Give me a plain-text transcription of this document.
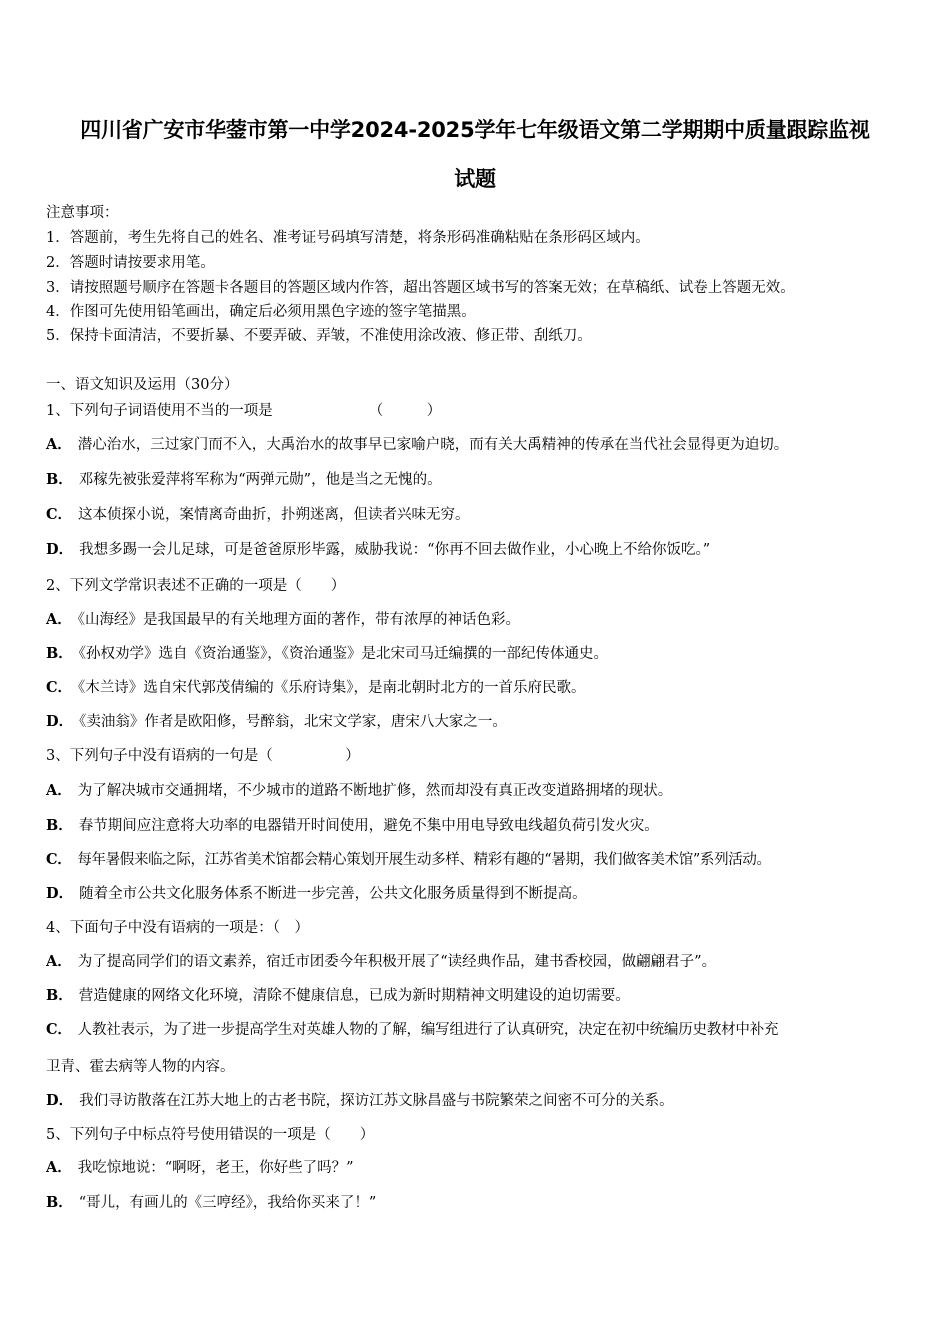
四川省广安市华蓥市第一中学2024-2025学年七年级语文第二学期期中质量跟踪监视
试题
注意事项：
1．答题前，考生先将自己的姓名、准考证号码填写清楚，将条形码准确粘贴在条形码区域内。
2．答题时请按要求用笔。
3．请按照题号顺序在答题卡各题目的答题区域内作答，超出答题区域书写的答案无效；在草稿纸、试卷上答题无效。
4．作图可先使用铅笔画出，确定后必须用黑色字迹的签字笔描黑。
5．保持卡面清洁，不要折暴、不要弄破、弄皱，不准使用涂改液、修正带、刮纸刀。
一、语文知识及运用（30分）
1、下列句子词语使用不当的一项是	（　　　）
A． 潜心治水，三过家门而不入，大禹治水的故事早已家喻户晓，而有关大禹精神的传承在当代社会显得更为迫切。
B． 邓稼先被张爱萍将军称为“两弹元勋”，他是当之无愧的。
C． 这本侦探小说，案情离奇曲折，扑朔迷离，但读者兴味无穷。
D． 我想多踢一会儿足球，可是爸爸原形毕露，威胁我说：“你再不回去做作业，小心晚上不给你饭吃。”
2、下列文学常识表述不正确的一项是（　　）
A． 《山海经》是我国最早的有关地理方面的著作，带有浓厚的神话色彩。
B． 《孙权劝学》选自《资治通鉴》，《资治通鉴》是北宋司马迁编撰的一部纪传体通史。
C． 《木兰诗》选自宋代郭茂倩编的《乐府诗集》，是南北朝时北方的一首乐府民歌。
D． 《卖油翁》作者是欧阳修，号醉翁，北宋文学家，唐宋八大家之一。
3、下列句子中没有语病的一句是（　　　　　）
A． 为了解决城市交通拥堵，不少城市的道路不断地扩修，然而却没有真正改变道路拥堵的现状。
B． 春节期间应注意将大功率的电器错开时间使用，避免不集中用电导致电线超负荷引发火灾。
C． 每年暑假来临之际，江苏省美术馆都会精心策划开展生动多样、精彩有趣的“暑期，我们做客美术馆”系列活动。
D． 随着全市公共文化服务体系不断进一步完善，公共文化服务质量得到不断提高。
4、下面句子中没有语病的一项是：（　）
A． 为了提高同学们的语文素养，宿迁市团委今年积极开展了“读经典作品，建书香校园，做翩翩君子”。
B． 营造健康的网络文化环境，清除不健康信息，已成为新时期精神文明建设的迫切需要。
C． 人教社表示，为了进一步提高学生对英雄人物的了解，编写组进行了认真研究，决定在初中统编历史教材中补充
卫青、霍去病等人物的内容。
D． 我们寻访散落在江苏大地上的古老书院，探访江苏文脉昌盛与书院繁荣之间密不可分的关系。
5、下列句子中标点符号使用错误的一项是（　　）
A． 我吃惊地说：“啊呀，老王，你好些了吗？”
B． “哥儿，有画儿的《三哼经》，我给你买来了！”
